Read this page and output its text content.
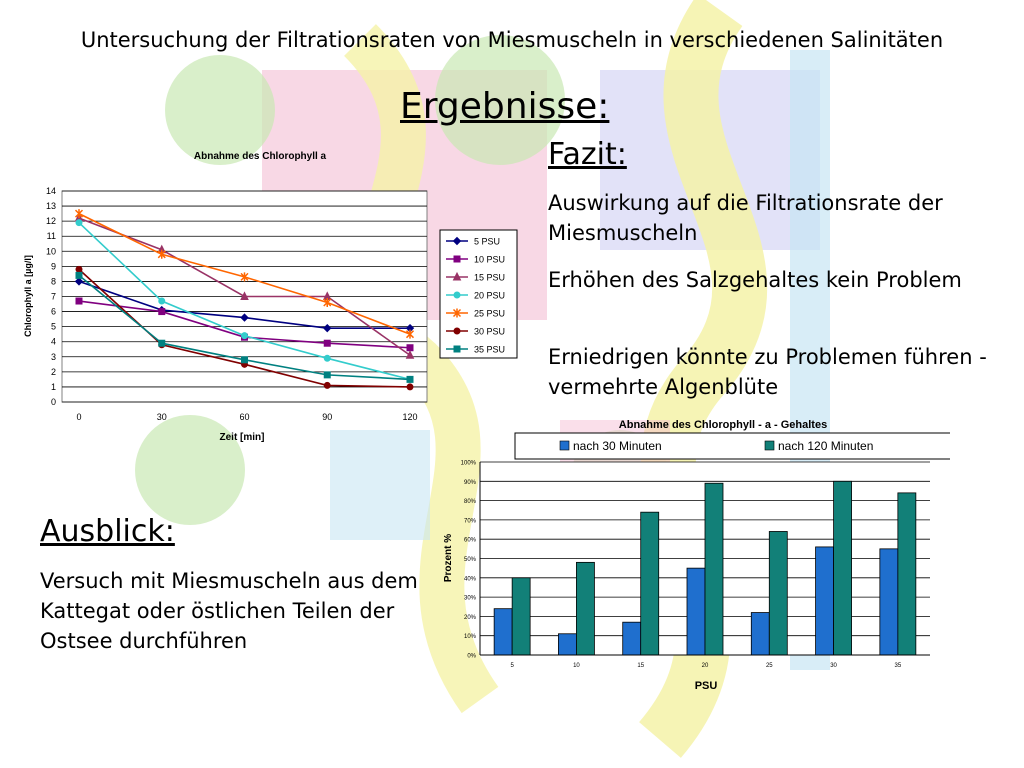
Untersuchung der Filtrationsraten von Miesmuscheln in verschiedenen Salinitäten
Ergebnisse:
Fazit:
Auswirkung auf die Filtrationsrate der Miesmuscheln
Erhöhen des Salzgehaltes kein Problem
Erniedrigen könnte zu Problemen führen - vermehrte Algenblüte
Ausblick:
Versuch mit Miesmuscheln aus dem Kattegat oder östlichen Teilen der Ostsee durchführen
Abnahme des Chlorophyll a
0
1
2
3
4
5
6
7
8
9
10
11
12
13
14
0	30	60	90	120
Zeit [min]
Chlorophyll a [µg/l]
5 PSU
10 PSU
15 PSU
20 PSU
25 PSU
30 PSU
35 PSU
Abnahme des Chlorophyll - a - Gehaltes
nach 30 Minuten	nach 120 Minuten
0%
10%
20%
30%
40%
50%
60%
70%
80%
90%
100%
5	10	15	20	25	30	35
PSU
Prozent %
